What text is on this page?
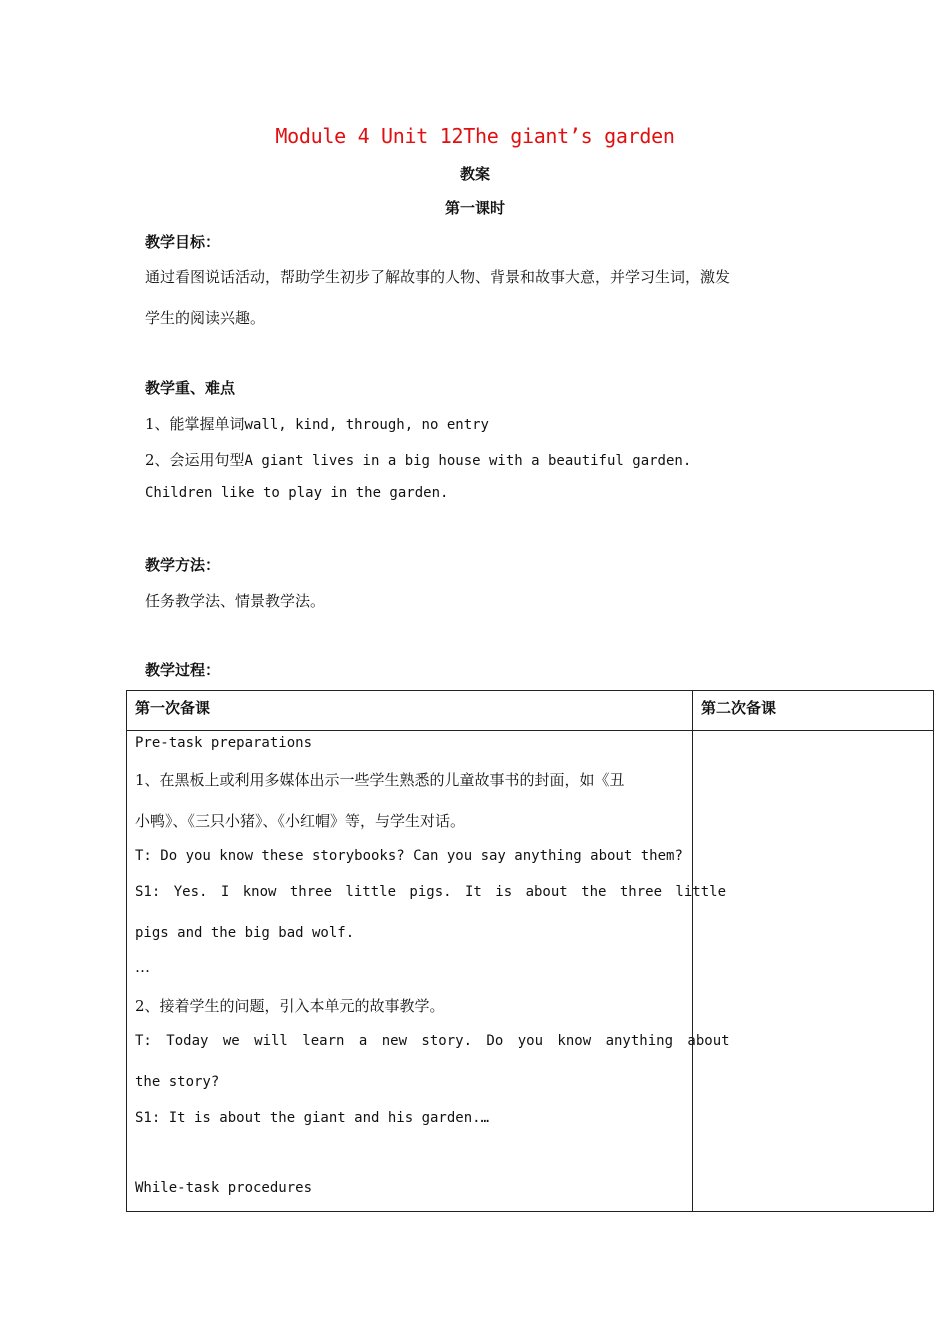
Module 4 Unit 12The giant’s garden
教案
第一课时
教学目标：
通过看图说话活动，帮助学生初步了解故事的人物、背景和故事大意，并学习生词，激发
学生的阅读兴趣。
教学重、难点
1、能掌握单词wall, kind, through, no entry
2、会运用句型A giant lives in a big house with a beautiful garden.
Children like to play in the garden.
教学方法：
任务教学法、情景教学法。
教学过程：
第一次备课	第二次备课
Pre-task preparations
1、在黑板上或利用多媒体出示一些学生熟悉的儿童故事书的封面，如《丑
小鸭》、《三只小猪》、《小红帽》等，与学生对话。
T: Do you know these storybooks? Can you say anything about them?
S1: Yes. I know three little pigs. It is about the three little
pigs and the big bad wolf.
…
2、接着学生的问题，引入本单元的故事教学。
T: Today we will learn a new story. Do you know anything about
the story?
S1: It is about the giant and his garden.…
While-task procedures
